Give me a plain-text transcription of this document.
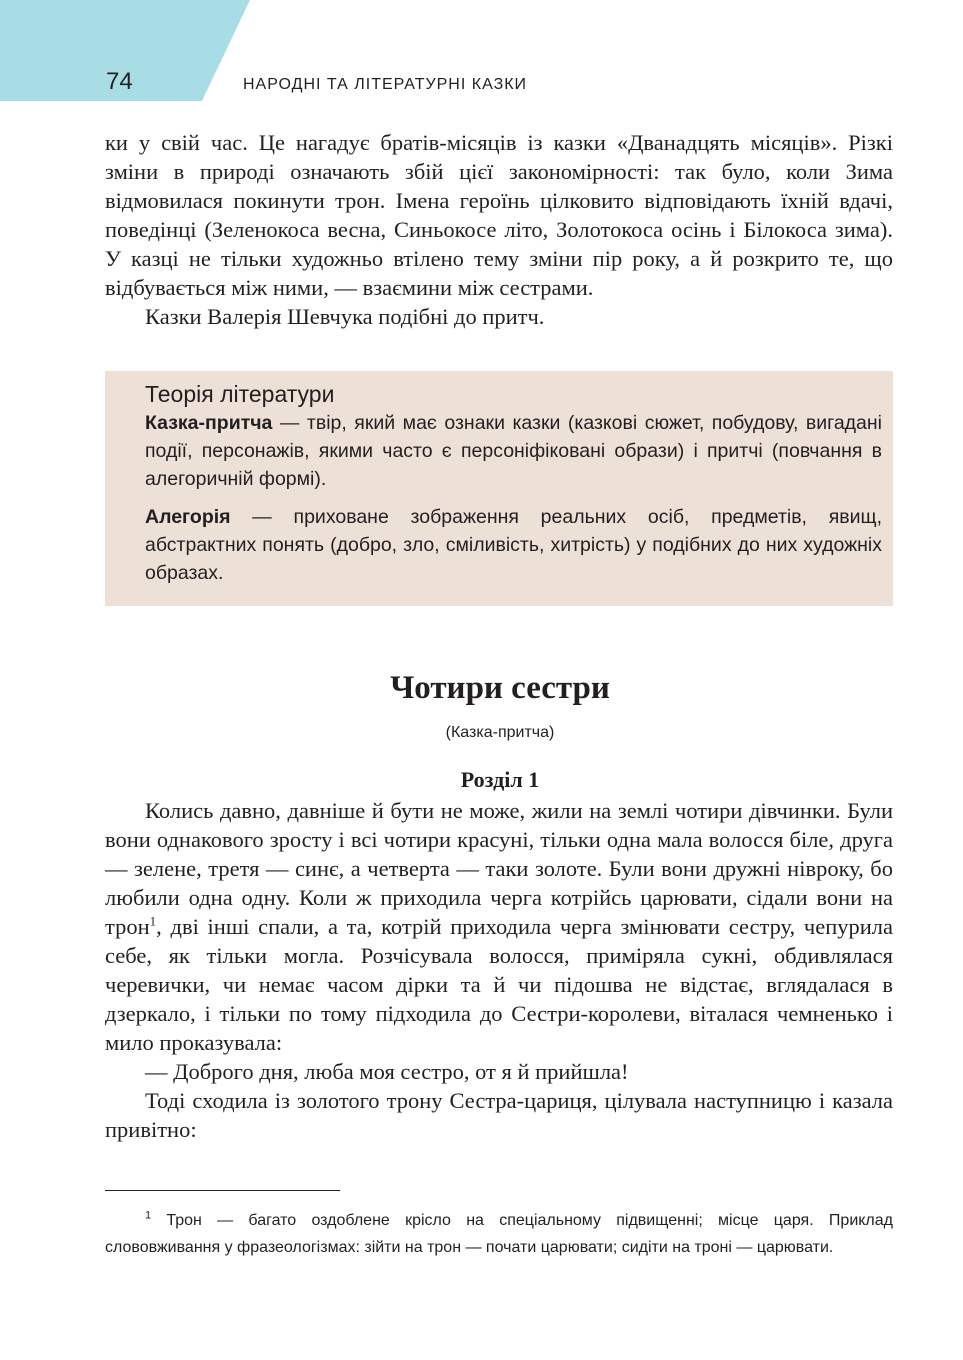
74	НАРОДНІ ТА ЛІТЕРАТУРНІ КАЗКИ

ки у свій час. Це нагадує братів-місяців із казки «Дванадцять місяців». Різкі зміни в природі означають збій цієї закономірності: так було, коли Зима відмовилася покинути трон. Імена героїнь цілковито відповідають їхній вдачі, поведінці (Зеленокоса весна, Синьокосе літо, Золотокоса осінь і Білокоса зима). У казці не тільки художньо втілено тему зміни пір року, а й розкрито те, що відбувається між ними, — взаємини між сестрами.

Казки Валерія Шевчука подібні до притч.

Теорія літератури

Казка-притча — твір, який має ознаки казки (казкові сюжет, побудову, вигадані події, персонажів, якими часто є персоніфіковані образи) і притчі (повчання в алегоричній формі).

Алегорія — приховане зображення реальних осіб, предметів, явищ, абстрактних понять (добро, зло, сміливість, хитрість) у подібних до них художніх образах.

Чотири сестри
(Казка-притча)
Розділ 1

Колись давно, давніше й бути не може, жили на землі чотири дівчинки. Були вони однакового зросту і всі чотири красуні, тільки одна мала волосся біле, друга — зелене, третя — синє, а четверта — таки золоте. Були вони дружні нівроку, бо любили одна одну. Коли ж приходила черга котрійсь царювати, сідали вони на трон$^1$, дві інші спали, а та, котрій приходила черга змінювати сестру, чепурила себе, як тільки могла. Розчісувала волосся, приміряла сукні, обдивлялася черевички, чи немає часом дірки та й чи підошва не відстає, вглядалася в дзеркало, і тільки по тому підходила до Сестри-королеви, віталася чемненько і мило проказувала:

— Доброго дня, люба моя сестро, от я й прийшла!

Тоді сходила із золотого трону Сестра-цариця, цілувала наступницю і казала привітно:

$^1$ Трон — багато оздоблене крісло на спеціальному підвищенні; місце царя. Приклад слововживання у фразеологізмах: зійти на трон — почати царювати; сидіти на троні — царювати.
